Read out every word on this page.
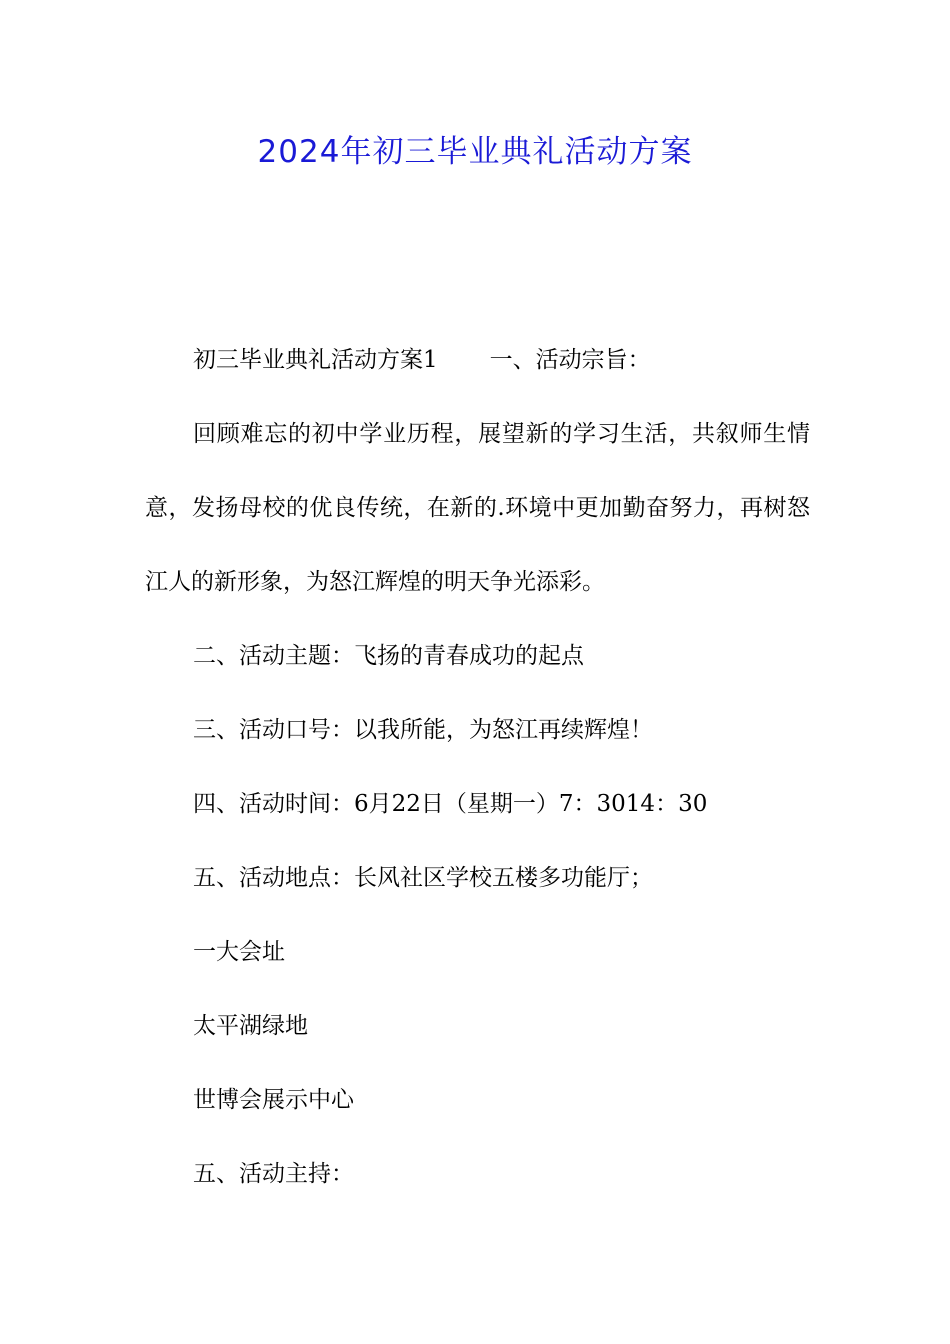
2024年初三毕业典礼活动方案

初三毕业典礼活动方案1 一、活动宗旨：

回顾难忘的初中学业历程，展望新的学习生活，共叙师生情意，发扬母校的优良传统，在新的.环境中更加勤奋努力，再树怒江人的新形象，为怒江辉煌的明天争光添彩。

二、活动主题：飞扬的青春成功的起点

三、活动口号：以我所能，为怒江再续辉煌！

四、活动时间：6月22日（星期一）7：3014：30

五、活动地点：长风社区学校五楼多功能厅；

一大会址

太平湖绿地

世博会展示中心

五、活动主持：
